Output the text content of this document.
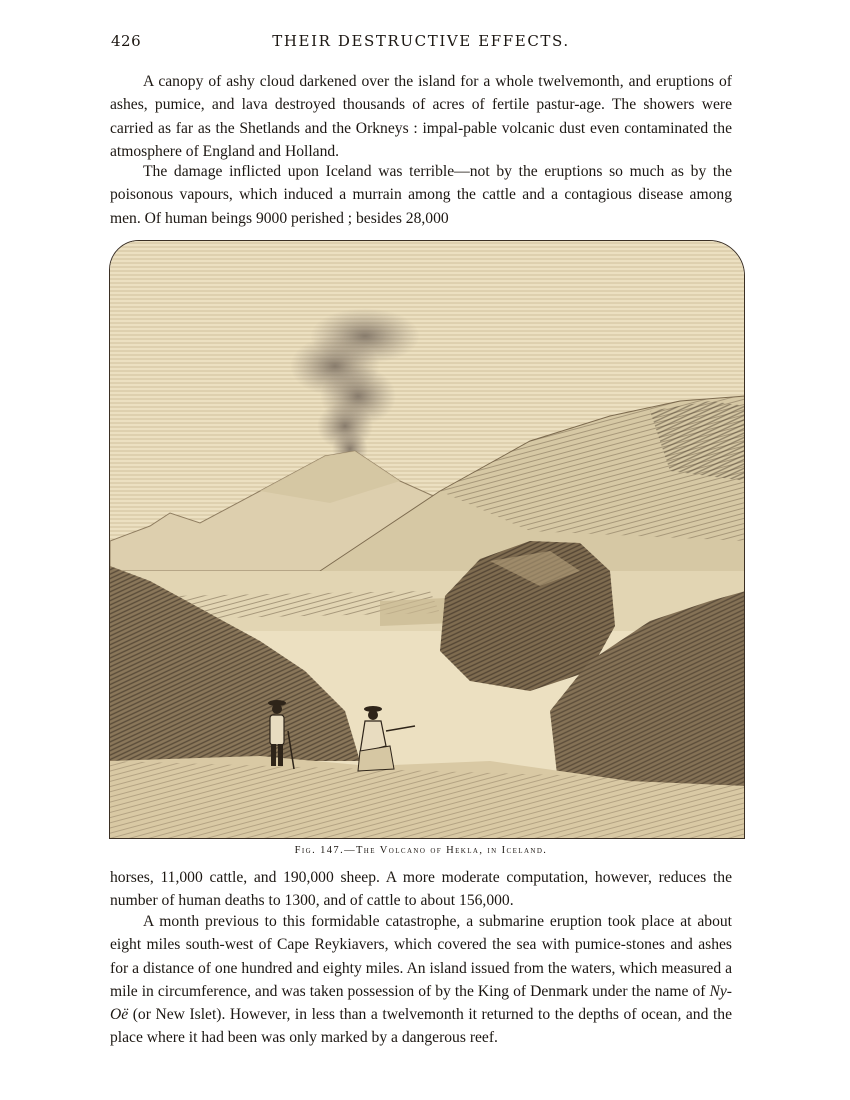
426	THEIR DESTRUCTIVE EFFECTS.

A canopy of ashy cloud darkened over the island for a whole twelvemonth, and eruptions of ashes, pumice, and lava destroyed thousands of acres of fertile pastur-age. The showers were carried as far as the Shetlands and the Orkneys : impal-pable volcanic dust even contaminated the atmosphere of England and Holland.

The damage inflicted upon Iceland was terrible—not by the eruptions so much as by the poisonous vapours, which induced a murrain among the cattle and a contagious disease among men. Of human beings 9000 perished ; besides 28,000

Fig. 147.—The Volcano of Hekla, in Iceland.

horses, 11,000 cattle, and 190,000 sheep. A more moderate computation, however, reduces the number of human deaths to 1300, and of cattle to about 156,000.

A month previous to this formidable catastrophe, a submarine eruption took place at about eight miles south-west of Cape Reykiavers, which covered the sea with pumice-stones and ashes for a distance of one hundred and eighty miles. An island issued from the waters, which measured a mile in circumference, and was taken possession of by the King of Denmark under the name of Ny-Oë (or New Islet). However, in less than a twelvemonth it returned to the depths of ocean, and the place where it had been was only marked by a dangerous reef.
